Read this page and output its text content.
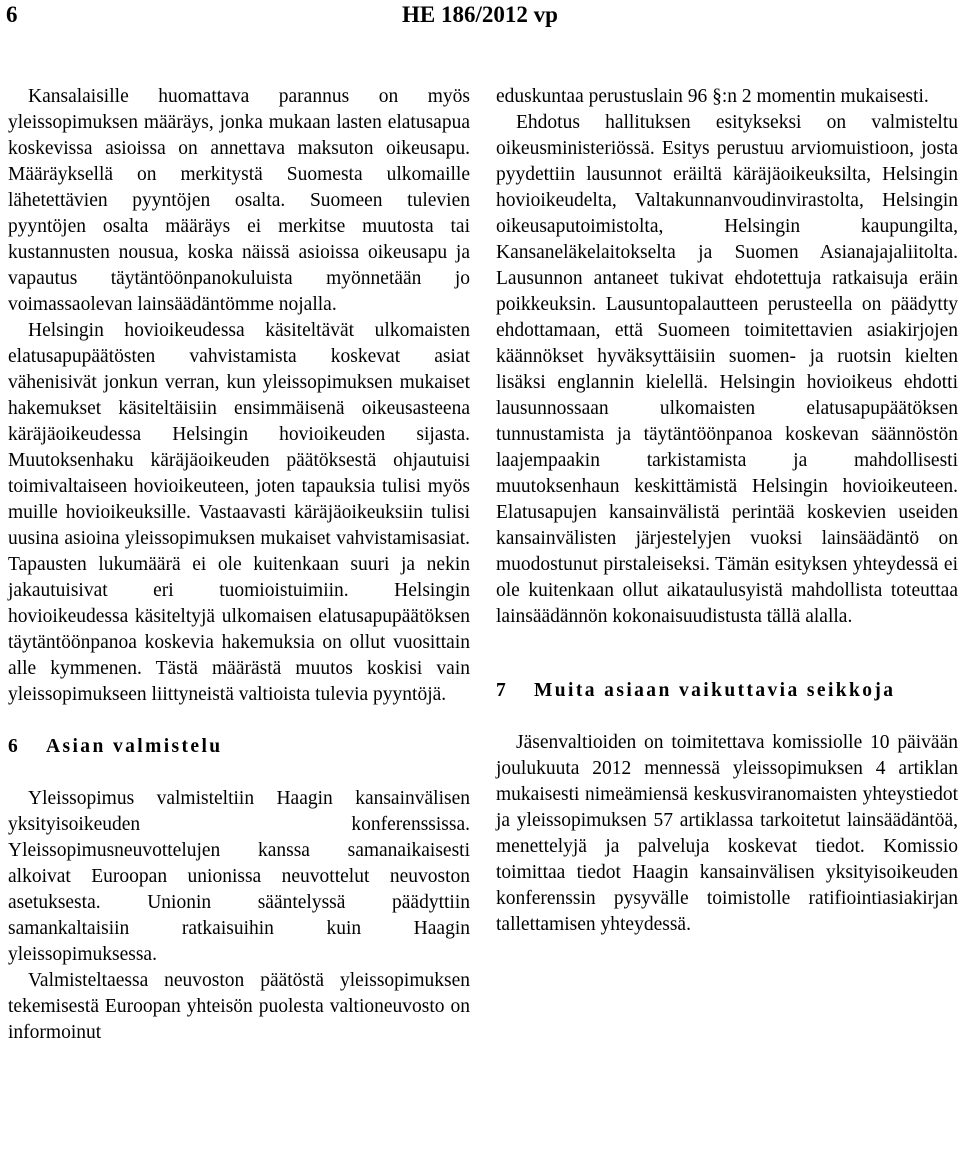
6	HE 186/2012 vp

Kansalaisille huomattava parannus on myös yleissopimuksen määräys, jonka mukaan lasten elatusapua koskevissa asioissa on annettava maksuton oikeusapu. Määräyksellä on merkitystä Suomesta ulkomaille lähetettävien pyyntöjen osalta. Suomeen tulevien pyyntöjen osalta määräys ei merkitse muutosta tai kustannusten nousua, koska näissä asioissa oikeusapu ja vapautus täytäntöönpanokuluista myönnetään jo voimassaolevan lainsäädäntömme nojalla.

Helsingin hovioikeudessa käsiteltävät ulkomaisten elatusapupäätösten vahvistamista koskevat asiat vähenisivät jonkun verran, kun yleissopimuksen mukaiset hakemukset käsiteltäisiin ensimmäisenä oikeusasteena käräjäoikeudessa Helsingin hovioikeuden sijasta. Muutoksenhaku käräjäoikeuden päätöksestä ohjautuisi toimivaltaiseen hovioikeuteen, joten tapauksia tulisi myös muille hovioikeuksille. Vastaavasti käräjäoikeuksiin tulisi uusina asioina yleissopimuksen mukaiset vahvistamisasiat. Tapausten lukumäärä ei ole kuitenkaan suuri ja nekin jakautuisivat eri tuomioistuimiin. Helsingin hovioikeudessa käsiteltyjä ulkomaisen elatusapupäätöksen täytäntöönpanoa koskevia hakemuksia on ollut vuosittain alle kymmenen. Tästä määrästä muutos koskisi vain yleissopimukseen liittyneistä valtioista tulevia pyyntöjä.

6	Asian valmistelu

Yleissopimus valmisteltiin Haagin kansainvälisen yksityisoikeuden konferenssissa. Yleissopimusneuvottelujen kanssa samanaikaisesti alkoivat Euroopan unionissa neuvottelut neuvoston asetuksesta. Unionin sääntelyssä päädyttiin samankaltaisiin ratkaisuihin kuin Haagin yleissopimuksessa.

Valmisteltaessa neuvoston päätöstä yleissopimuksen tekemisestä Euroopan yhteisön puolesta valtioneuvosto on informoinut

eduskuntaa perustuslain 96 §:n 2 momentin mukaisesti.

Ehdotus hallituksen esitykseksi on valmisteltu oikeusministeriössä. Esitys perustuu arviomuistioon, josta pyydettiin lausunnot eräiltä käräjäoikeuksilta, Helsingin hovioikeudelta, Valtakunnanvoudinvirastolta, Helsingin oikeusaputoimistolta, Helsingin kaupungilta, Kansaneläkelaitokselta ja Suomen Asianajajaliitolta. Lausunnon antaneet tukivat ehdotettuja ratkaisuja eräin poikkeuksin. Lausuntopalautteen perusteella on päädytty ehdottamaan, että Suomeen toimitettavien asiakirjojen käännökset hyväksyttäisiin suomen- ja ruotsin kielten lisäksi englannin kielellä. Helsingin hovioikeus ehdotti lausunnossaan ulkomaisten elatusapupäätöksen tunnustamista ja täytäntöönpanoa koskevan säännöstön laajempaakin tarkistamista ja mahdollisesti muutoksenhaun keskittämistä Helsingin hovioikeuteen. Elatusapujen kansainvälistä perintää koskevien useiden kansainvälisten järjestelyjen vuoksi lainsäädäntö on muodostunut pirstaleiseksi. Tämän esityksen yhteydessä ei ole kuitenkaan ollut aikataulusyistä mahdollista toteuttaa lainsäädännön kokonaisuudistusta tällä alalla.

7	Muita asiaan vaikuttavia seikkoja

Jäsenvaltioiden on toimitettava komissiolle 10 päivään joulukuuta 2012 mennessä yleissopimuksen 4 artiklan mukaisesti nimeämiensä keskusviranomaisten yhteystiedot ja yleissopimuksen 57 artiklassa tarkoitetut lainsäädäntöä, menettelyjä ja palveluja koskevat tiedot. Komissio toimittaa tiedot Haagin kansainvälisen yksityisoikeuden konferenssin pysyvälle toimistolle ratifiointiasiakirjan tallettamisen yhteydessä.
